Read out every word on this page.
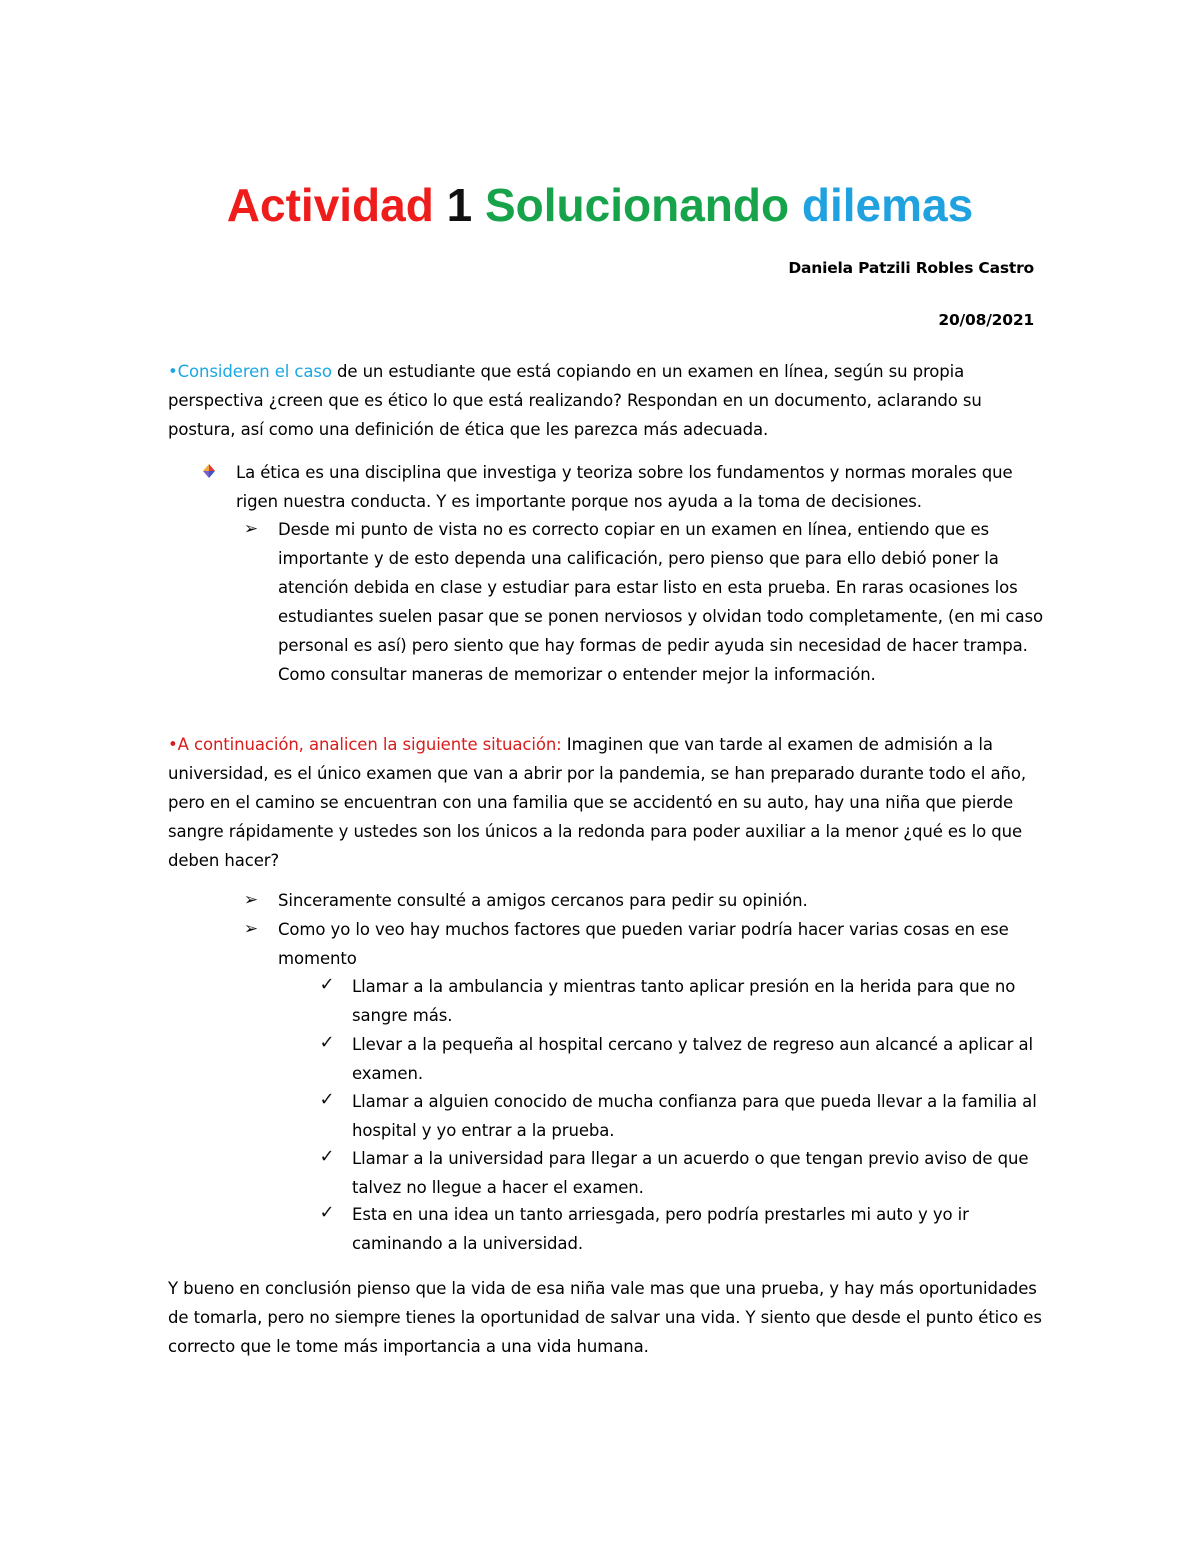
Actividad 1 Solucionando dilemas
Daniela Patzili Robles Castro
20/08/2021
•Consideren el caso de un estudiante que está copiando en un examen en línea, según su propia perspectiva ¿creen que es ético lo que está realizando? Respondan en un documento, aclarando su postura, así como una definición de ética que les parezca más adecuada.
La ética es una disciplina que investiga y teoriza sobre los fundamentos y normas morales que rigen nuestra conducta. Y es importante porque nos ayuda a la toma de decisiones.
➢ Desde mi punto de vista no es correcto copiar en un examen en línea, entiendo que es importante y de esto dependa una calificación, pero pienso que para ello debió poner la atención debida en clase y estudiar para estar listo en esta prueba. En raras ocasiones los estudiantes suelen pasar que se ponen nerviosos y olvidan todo completamente, (en mi caso personal es así) pero siento que hay formas de pedir ayuda sin necesidad de hacer trampa. Como consultar maneras de memorizar o entender mejor la información.
•A continuación, analicen la siguiente situación: Imaginen que van tarde al examen de admisión a la universidad, es el único examen que van a abrir por la pandemia, se han preparado durante todo el año, pero en el camino se encuentran con una familia que se accidentó en su auto, hay una niña que pierde sangre rápidamente y ustedes son los únicos a la redonda para poder auxiliar a la menor ¿qué es lo que deben hacer?
➢ Sinceramente consulté a amigos cercanos para pedir su opinión.
➢ Como yo lo veo hay muchos factores que pueden variar podría hacer varias cosas en ese momento
✓ Llamar a la ambulancia y mientras tanto aplicar presión en la herida para que no sangre más.
✓ Llevar a la pequeña al hospital cercano y talvez de regreso aun alcancé a aplicar al examen.
✓ Llamar a alguien conocido de mucha confianza para que pueda llevar a la familia al hospital y yo entrar a la prueba.
✓ Llamar a la universidad para llegar a un acuerdo o que tengan previo aviso de que talvez no llegue a hacer el examen.
✓ Esta en una idea un tanto arriesgada, pero podría prestarles mi auto y yo ir caminando a la universidad.
Y bueno en conclusión pienso que la vida de esa niña vale mas que una prueba, y hay más oportunidades de tomarla, pero no siempre tienes la oportunidad de salvar una vida. Y siento que desde el punto ético es correcto que le tome más importancia a una vida humana.
